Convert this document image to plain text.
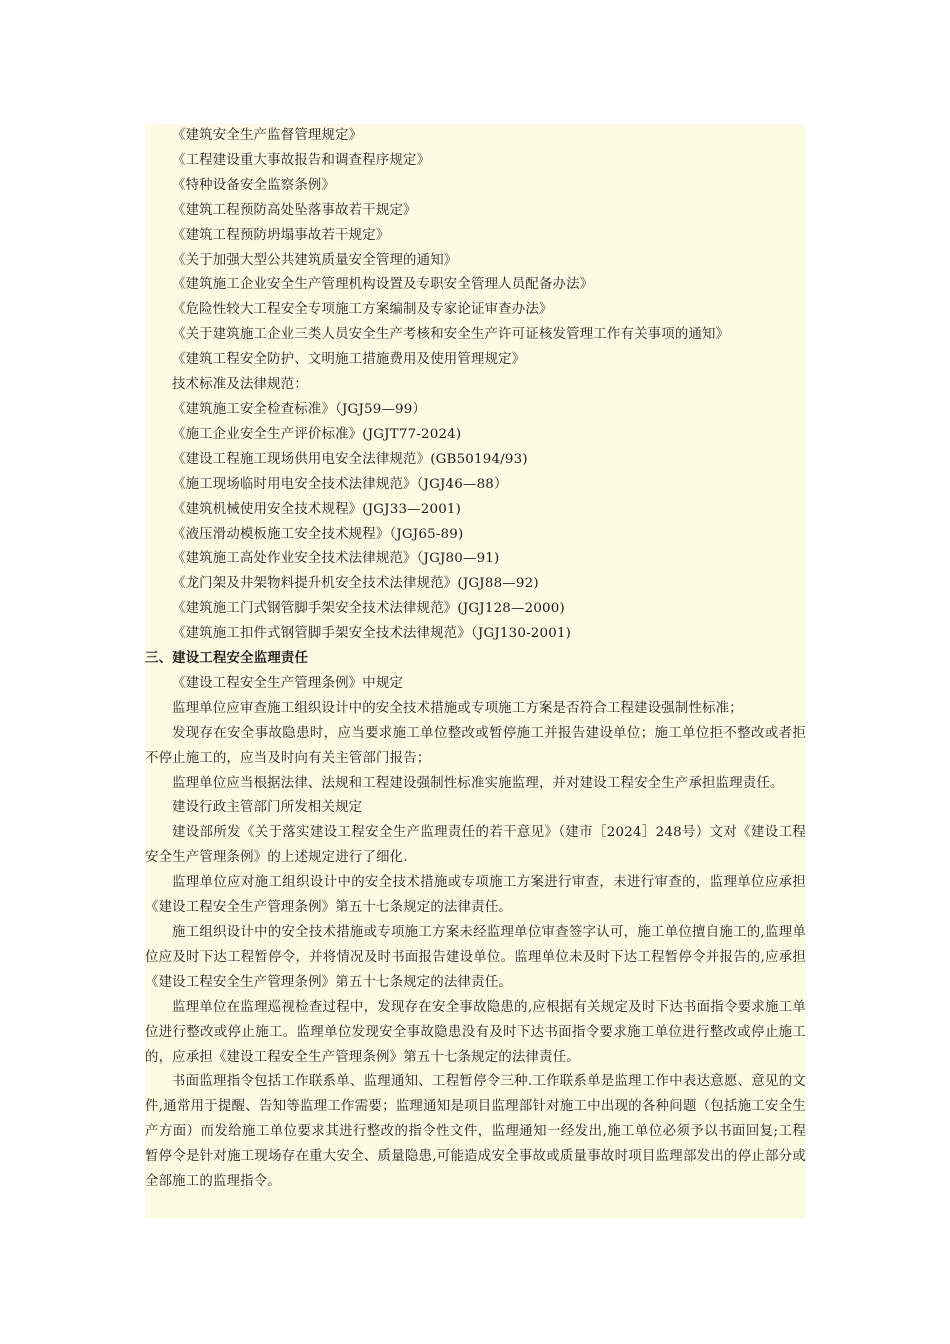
《建筑安全生产监督管理规定》
《工程建设重大事故报告和调查程序规定》
《特种设备安全监察条例》
《建筑工程预防高处坠落事故若干规定》
《建筑工程预防坍塌事故若干规定》
《关于加强大型公共建筑质量安全管理的通知》
《建筑施工企业安全生产管理机构设置及专职安全管理人员配备办法》
《危险性较大工程安全专项施工方案编制及专家论证审查办法》
《关于建筑施工企业三类人员安全生产考核和安全生产许可证核发管理工作有关事项的通知》
《建筑工程安全防护、文明施工措施费用及使用管理规定》
技术标准及法律规范：
《建筑施工安全检查标准》（JGJ59—99）
《施工企业安全生产评价标准》(JGJT77-2024)
《建设工程施工现场供用电安全法律规范》(GB50194/93)
《施工现场临时用电安全技术法律规范》（JGJ46—88）
《建筑机械使用安全技术规程》(JGJ33—2001)
《液压滑动模板施工安全技术规程》（JGJ65-89)
《建筑施工高处作业安全技术法律规范》（JGJ80—91)
《龙门架及井架物料提升机安全技术法律规范》(JGJ88—92)
《建筑施工门式钢管脚手架安全技术法律规范》(JGJ128—2000)
《建筑施工扣件式钢管脚手架安全技术法律规范》（JGJ130-2001)
三、建设工程安全监理责任

《建设工程安全生产管理条例》中规定

监理单位应审查施工组织设计中的安全技术措施或专项施工方案是否符合工程建设强制性标准；

发现存在安全事故隐患时，应当要求施工单位整改或暂停施工并报告建设单位；施工单位拒不整改或者拒不停止施工的，应当及时向有关主管部门报告；

监理单位应当根据法律、法规和工程建设强制性标准实施监理，并对建设工程安全生产承担监理责任。

建设行政主管部门所发相关规定

建设部所发《关于落实建设工程安全生产监理责任的若干意见》（建市［2024］248号）文对《建设工程安全生产管理条例》的上述规定进行了细化.

监理单位应对施工组织设计中的安全技术措施或专项施工方案进行审查，未进行审查的，监理单位应承担《建设工程安全生产管理条例》第五十七条规定的法律责任。

施工组织设计中的安全技术措施或专项施工方案未经监理单位审查签字认可，施工单位擅自施工的,监理单位应及时下达工程暂停令，并将情况及时书面报告建设单位。监理单位未及时下达工程暂停令并报告的,应承担《建设工程安全生产管理条例》第五十七条规定的法律责任。

监理单位在监理巡视检查过程中，发现存在安全事故隐患的,应根据有关规定及时下达书面指令要求施工单位进行整改或停止施工。监理单位发现安全事故隐患没有及时下达书面指令要求施工单位进行整改或停止施工的，应承担《建设工程安全生产管理条例》第五十七条规定的法律责任。

书面监理指令包括工作联系单、监理通知、工程暂停令三种.工作联系单是监理工作中表达意愿、意见的文件,通常用于提醒、告知等监理工作需要；监理通知是项目监理部针对施工中出现的各种问题（包括施工安全生产方面）而发给施工单位要求其进行整改的指令性文件，监理通知一经发出,施工单位必须予以书面回复;工程暂停令是针对施工现场存在重大安全、质量隐患,可能造成安全事故或质量事故时项目监理部发出的停止部分或全部施工的监理指令。
